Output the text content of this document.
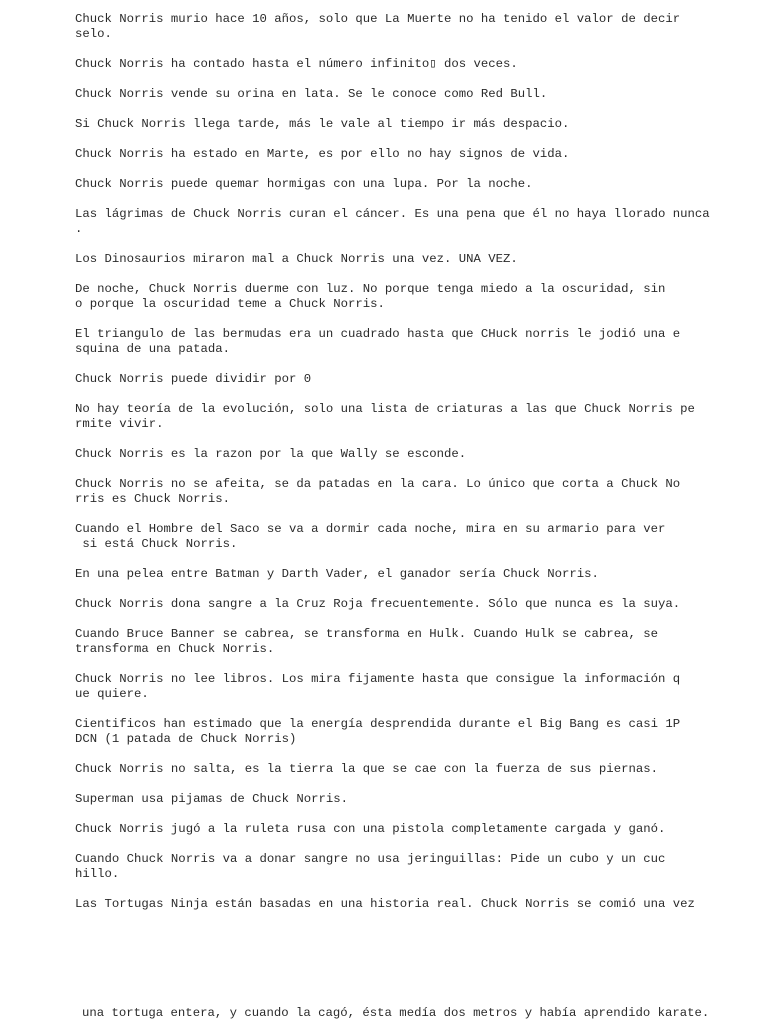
Chuck Norris murio hace 10 años, solo que La Muerte no ha tenido el valor de decir
selo.

Chuck Norris ha contado hasta el número infinito▯ dos veces.

Chuck Norris vende su orina en lata. Se le conoce como Red Bull.

Si Chuck Norris llega tarde, más le vale al tiempo ir más despacio.

Chuck Norris ha estado en Marte, es por ello no hay signos de vida.

Chuck Norris puede quemar hormigas con una lupa. Por la noche.

Las lágrimas de Chuck Norris curan el cáncer. Es una pena que él no haya llorado nunca
.

Los Dinosaurios miraron mal a Chuck Norris una vez. UNA VEZ.

De noche, Chuck Norris duerme con luz. No porque tenga miedo a la oscuridad, sin
o porque la oscuridad teme a Chuck Norris.

El triangulo de las bermudas era un cuadrado hasta que CHuck norris le jodió una e
squina de una patada.

Chuck Norris puede dividir por 0

No hay teoría de la evolución, solo una lista de criaturas a las que Chuck Norris pe
rmite vivir.

Chuck Norris es la razon por la que Wally se esconde.

Chuck Norris no se afeita, se da patadas en la cara. Lo único que corta a Chuck No
rris es Chuck Norris.

Cuando el Hombre del Saco se va a dormir cada noche, mira en su armario para ver
si está Chuck Norris.

En una pelea entre Batman y Darth Vader, el ganador sería Chuck Norris.

Chuck Norris dona sangre a la Cruz Roja frecuentemente. Sólo que nunca es la suya.

Cuando Bruce Banner se cabrea, se transforma en Hulk. Cuando Hulk se cabrea, se
transforma en Chuck Norris.

Chuck Norris no lee libros. Los mira fijamente hasta que consigue la información q
ue quiere.

Cientificos han estimado que la energía desprendida durante el Big Bang es casi 1P
DCN (1 patada de Chuck Norris)

Chuck Norris no salta, es la tierra la que se cae con la fuerza de sus piernas.

Superman usa pijamas de Chuck Norris.

Chuck Norris jugó a la ruleta rusa con una pistola completamente cargada y ganó.

Cuando Chuck Norris va a donar sangre no usa jeringuillas: Pide un cubo y un cuc
hillo.

Las Tortugas Ninja están basadas en una historia real. Chuck Norris se comió una vez

una tortuga entera, y cuando la cagó, ésta medía dos metros y había aprendido karate.
